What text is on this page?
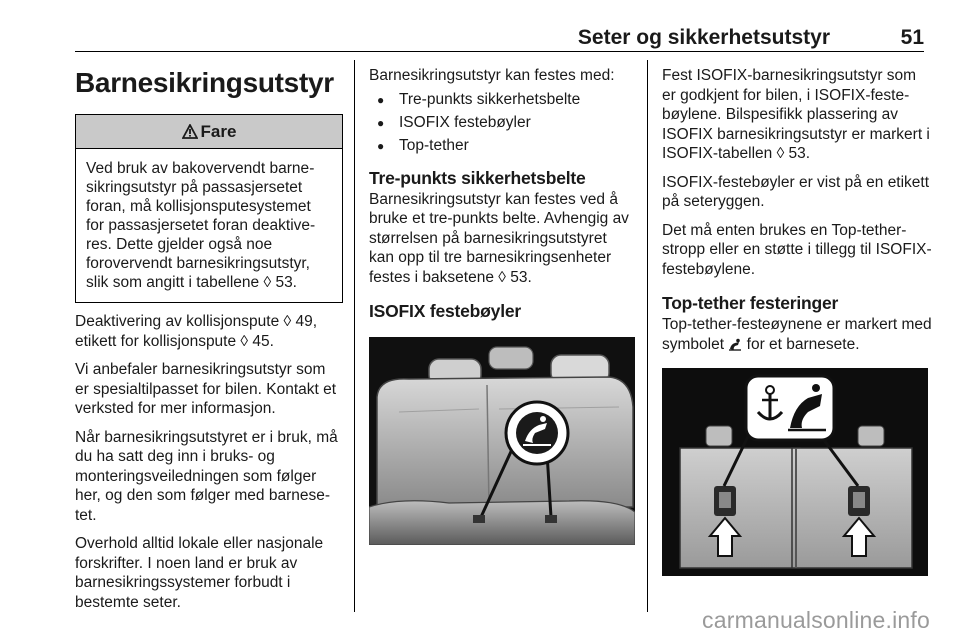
Seter og sikkerhetsutstyr	51
Barnesikringsutstyr
Fare
Ved bruk av bakovervendt barnesikringsutstyr på passasjersetet foran, må kollisjonsputesystemet for passasjersetet foran deaktiveres. Dette gjelder også noe forovervendt barnesikringsutstyr, slik som angitt i tabellene ◊ 53.

Deaktivering av kollisjonspute ◊ 49, etikett for kollisjonspute ◊ 45.

Vi anbefaler barnesikringsutstyr som er spesialtilpasset for bilen. Kontakt et verksted for mer informasjon.

Når barnesikringsutstyret er i bruk, må du ha satt deg inn i bruks- og monteringsveiledningen som følger her, og den som følger med barnesetet.

Overhold alltid lokale eller nasjonale forskrifter. I noen land er bruk av barnesikringssystemer forbudt i bestemte seter.

Barnesikringsutstyr kan festes med:

● Tre-punkts sikkerhetsbelte
● ISOFIX festebøyler
● Top-tether
Tre-punkts sikkerhetsbelte

Barnesikringsutstyr kan festes ved å bruke et tre-punkts belte. Avhengig av størrelsen på barnesikringsutstyret kan opp til tre barnesikringsenheter festes i baksetene ◊ 53.

ISOFIX festebøyler

Fest ISOFIX-barnesikringsutstyr som er godkjent for bilen, i ISOFIX-festebøylene. Bilspesifikk plassering av ISOFIX barnesikringsutstyr er markert i ISOFIX-tabellen ◊ 53.

ISOFIX-festebøyler er vist på en etikett på seteryggen.

Det må enten brukes en Top-tether-stropp eller en støtte i tillegg til ISOFIX-festebøylene.

Top-tether festeringer

Top-tether-festeøynene er markert med symbolet  for et barnesete.

carmanualsonline.info
